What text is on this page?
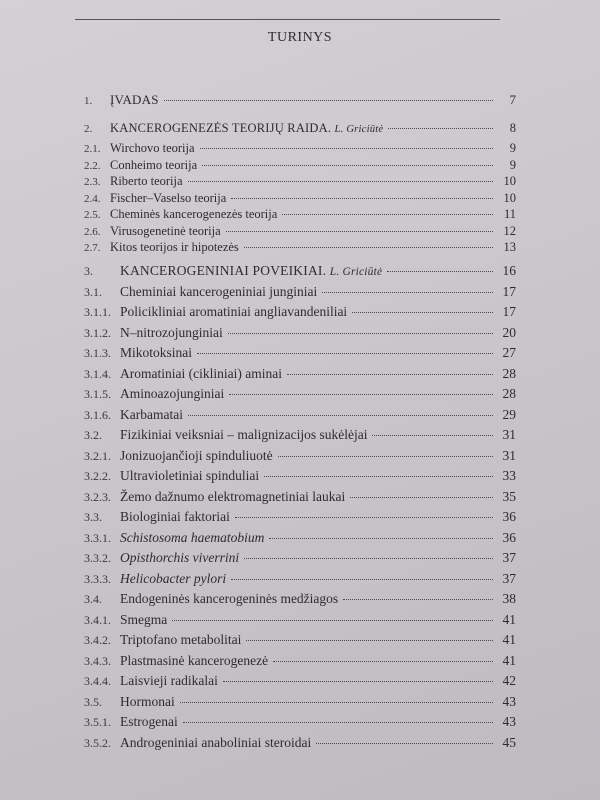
TURINYS
1.	ĮVADAS	7
2.	KANCEROGENEZĖS TEORIJŲ RAIDA. L. Griciūtė	8
2.1. Wirchovo teorija	9
2.2. Conheimo teorija	9
2.3. Riberto teorija	10
2.4. Fischer–Vaselso teorija	10
2.5. Cheminės kancerogenezės teorija	11
2.6. Virusogenetinė teorija	12
2.7. Kitos teorijos ir hipotezės	13
3.	KANCEROGENINIAI POVEIKIAI. L. Griciūtė	16
3.1.	Cheminiai kancerogeniniai junginiai	17
3.1.1. Policikliniai aromatiniai angliavandeniliai	17
3.1.2. N–nitrozojunginiai	20
3.1.3. Mikotoksinai	27
3.1.4. Aromatiniai (cikliniai) aminai	28
3.1.5. Aminoazojunginiai	28
3.1.6. Karbamatai	29
3.2.	Fizikiniai veiksniai – malignizacijos sukėlėjai	31
3.2.1. Jonizuojančioji spinduliuotė	31
3.2.2. Ultravioletiniai spinduliai	33
3.2.3. Žemo dažnumo elektromagnetiniai laukai	35
3.3.	Biologiniai faktoriai	36
3.3.1. Schistosoma haematobium	36
3.3.2. Opisthorchis viverrini	37
3.3.3. Helicobacter pylori	37
3.4.	Endogeninės kancerogeninės medžiagos	38
3.4.1. Smegma	41
3.4.2. Triptofano metabolitai	41
3.4.3. Plastmasinė kancerogenezė	41
3.4.4. Laisvieji radikalai	42
3.5.	Hormonai	43
3.5.1. Estrogenai	43
3.5.2. Androgeniniai anaboliniai steroidai	45
